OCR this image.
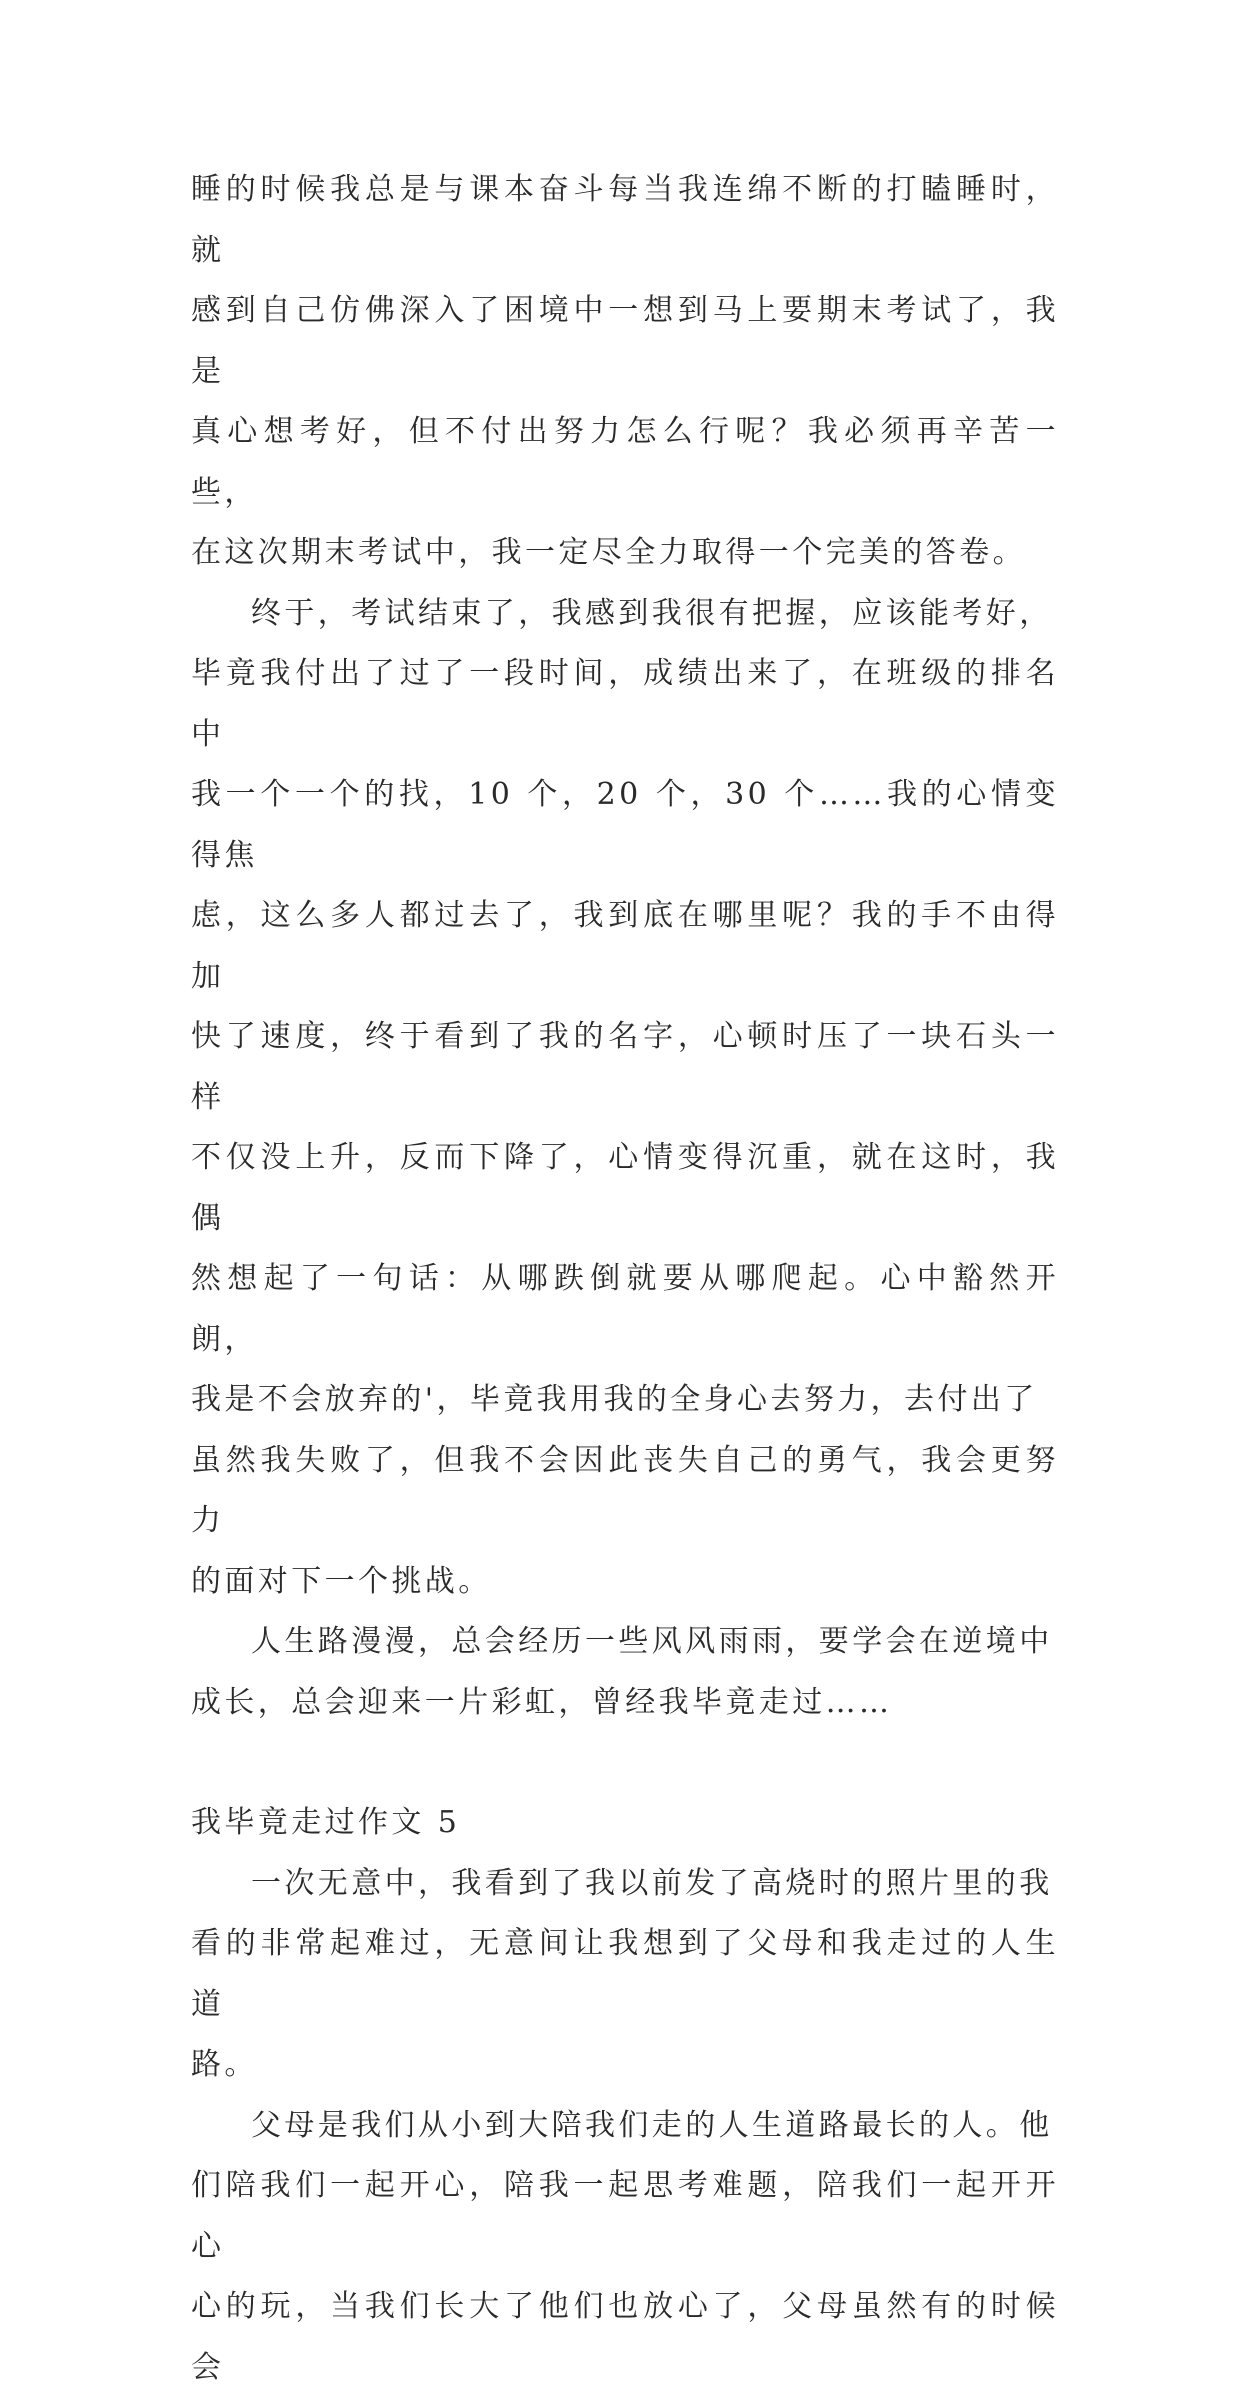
睡的时候我总是与课本奋斗每当我连绵不断的打瞌睡时，就
感到自己仿佛深入了困境中一想到马上要期末考试了，我是
真心想考好，但不付出努力怎么行呢？我必须再辛苦一些，
在这次期末考试中，我一定尽全力取得一个完美的答卷。

终于，考试结束了，我感到我很有把握，应该能考好，
毕竟我付出了过了一段时间，成绩出来了，在班级的排名中
我一个一个的找，10 个，20 个，30 个……我的心情变得焦
虑，这么多人都过去了，我到底在哪里呢？我的手不由得加
快了速度，终于看到了我的名字，心顿时压了一块石头一样
不仅没上升，反而下降了，心情变得沉重，就在这时，我偶
然想起了一句话：从哪跌倒就要从哪爬起。心中豁然开朗，
我是不会放弃的'，毕竟我用我的全身心去努力，去付出了
虽然我失败了，但我不会因此丧失自己的勇气，我会更努力
的面对下一个挑战。

人生路漫漫，总会经历一些风风雨雨，要学会在逆境中
成长，总会迎来一片彩虹，曾经我毕竟走过……

我毕竟走过作文 5

一次无意中，我看到了我以前发了高烧时的照片里的我
看的非常起难过，无意间让我想到了父母和我走过的人生道
路。

父母是我们从小到大陪我们走的人生道路最长的人。他
们陪我们一起开心，陪我一起思考难题，陪我们一起开开心
心的玩，当我们长大了他们也放心了，父母虽然有的时候会
